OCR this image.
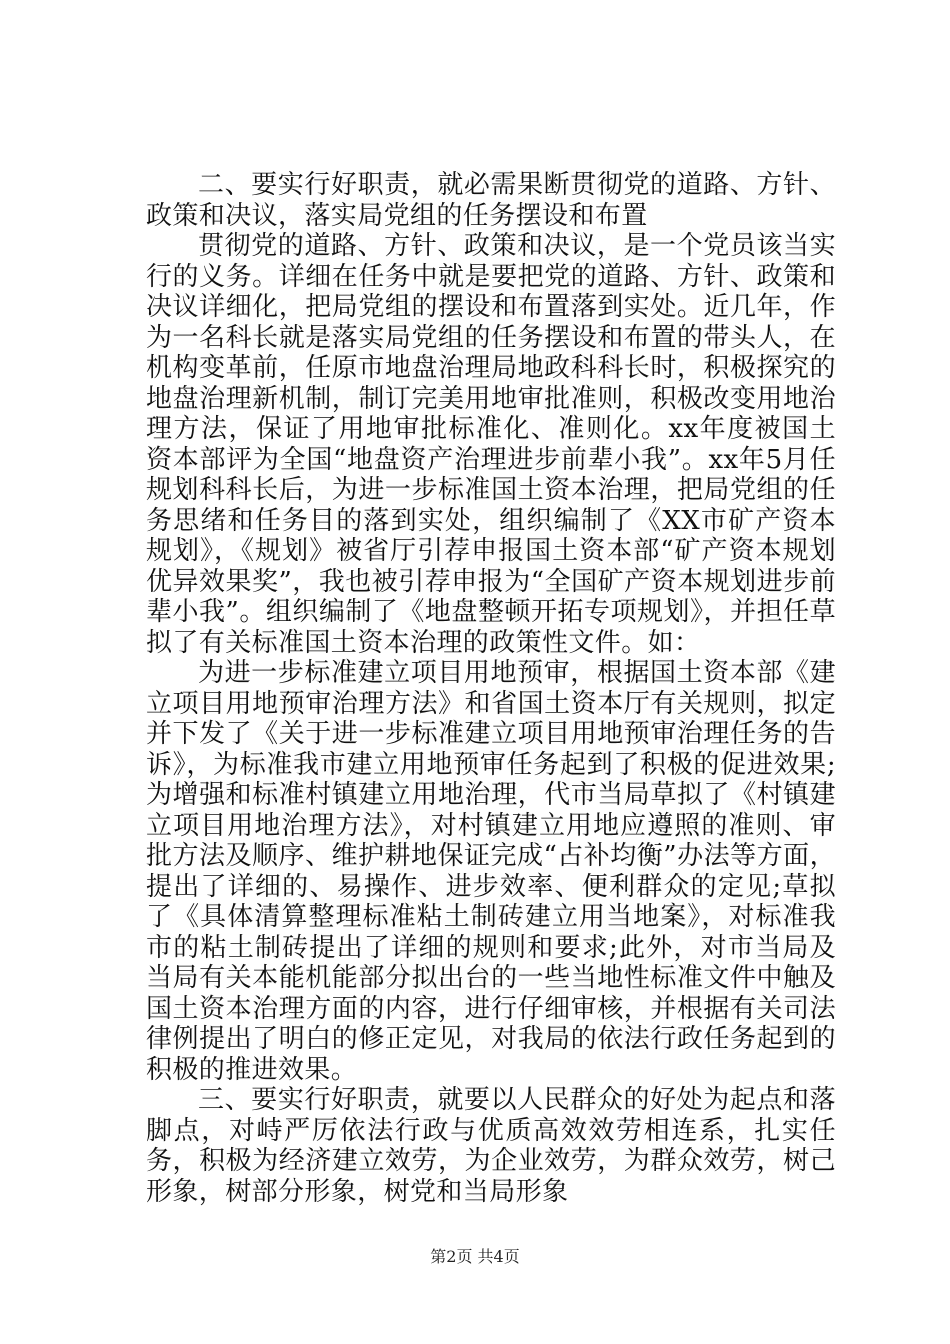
二、要实行好职责，就必需果断贯彻党的道路、方针、政策和决议，落实局党组的任务摆设和布置

贯彻党的道路、方针、政策和决议，是一个党员该当实行的义务。详细在任务中就是要把党的道路、方针、政策和决议详细化，把局党组的摆设和布置落到实处。近几年，作为一名科长就是落实局党组的任务摆设和布置的带头人，在机构变革前，任原市地盘治理局地政科科长时，积极探究的地盘治理新机制，制订完美用地审批准则，积极改变用地治理方法，保证了用地审批标准化、准则化。xx年度被国土资本部评为全国“地盘资产治理进步前辈小我”。xx年5月任规划科科长后，为进一步标准国土资本治理，把局党组的任务思绪和任务目的落到实处，组织编制了《XX市矿产资本规划》，《规划》被省厅引荐申报国土资本部“矿产资本规划优异效果奖”，我也被引荐申报为“全国矿产资本规划进步前辈小我”。组织编制了《地盘整顿开拓专项规划》，并担任草拟了有关标准国土资本治理的政策性文件。如：

为进一步标准建立项目用地预审，根据国土资本部《建立项目用地预审治理方法》和省国土资本厅有关规则，拟定并下发了《关于进一步标准建立项目用地预审治理任务的告诉》，为标准我市建立用地预审任务起到了积极的促进效果;为增强和标准村镇建立用地治理，代市当局草拟了《村镇建立项目用地治理方法》，对村镇建立用地应遵照的准则、审批方法及顺序、维护耕地保证完成“占补均衡”办法等方面，提出了详细的、易操作、进步效率、便利群众的定见;草拟了《具体清算整理标准粘土制砖建立用当地案》，对标准我市的粘土制砖提出了详细的规则和要求;此外，对市当局及当局有关本能机能部分拟出台的一些当地性标准文件中触及国土资本治理方面的内容，进行仔细审核，并根据有关司法律例提出了明白的修正定见，对我局的依法行政任务起到的积极的推进效果。

三、要实行好职责，就要以人民群众的好处为起点和落脚点，对峙严厉依法行政与优质高效效劳相连系，扎实任务，积极为经济建立效劳，为企业效劳，为群众效劳，树己形象，树部分形象，树党和当局形象

第2页 共4页
